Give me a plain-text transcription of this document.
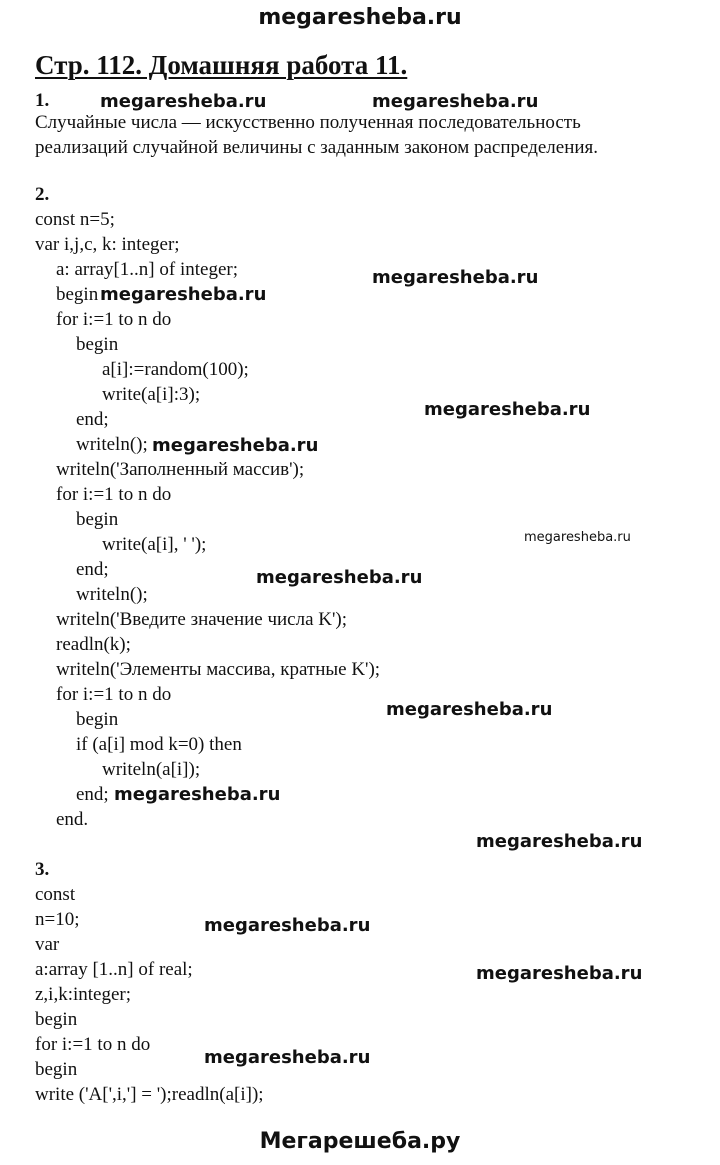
megaresheba.ru
Стр. 112. Домашняя работа 11.
1.
Случайные числа — искусственно полученная последовательность
реализаций случайной величины с заданным законом распределения.
2.
const n=5;
var i,j,c, k: integer;
a: array[1..n] of integer;
begin
for i:=1 to n do
begin
a[i]:=random(100);
write(a[i]:3);
end;
writeln();
writeln('Заполненный массив');
for i:=1 to n do
begin
write(a[i], ' ');
end;
writeln();
writeln('Введите значение числа K');
readln(k);
writeln('Элементы массива, кратные K');
for i:=1 to n do
begin
if (a[i] mod k=0) then
writeln(a[i]);
end;
end.
3.
const
n=10;
var
a:array [1..n] of real;
z,i,k:integer;
begin
for i:=1 to n do
begin
write ('A[',i,'] = ');readln(a[i]);
megaresheba.ru	megaresheba.ru
megaresheba.ru
megaresheba.ru
megaresheba.ru
megaresheba.ru
megaresheba.ru
megaresheba.ru
megaresheba.ru
megaresheba.ru
megaresheba.ru
megaresheba.ru
megaresheba.ru
megaresheba.ru
Мегарешеба.ру
